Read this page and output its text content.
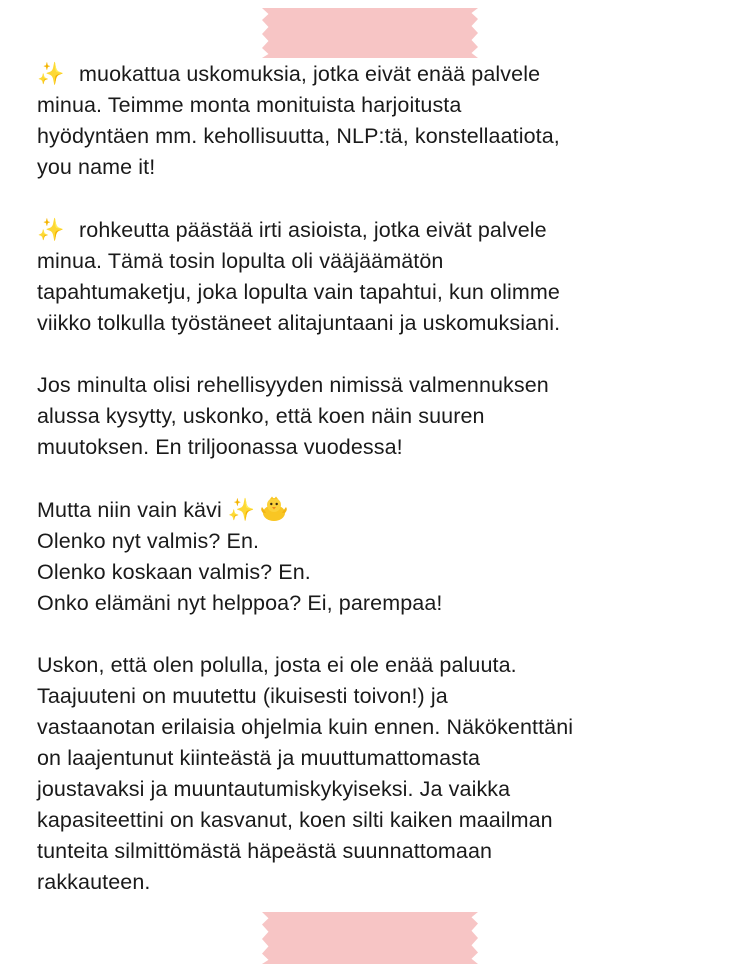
✨ muokattua uskomuksia, jotka eivät enää palvele
minua. Teimme monta monituista harjoitusta
hyödyntäen mm. kehollisuutta, NLP:tä, konstellaatiota,
you name it!
✨ rohkeutta päästää irti asioista, jotka eivät palvele
minua. Tämä tosin lopulta oli vääjäämätön
tapahtumaketju, joka lopulta vain tapahtui, kun olimme
viikko tolkulla työstäneet alitajuntaani ja uskomuksiani.
Jos minulta olisi rehellisyyden nimissä valmennuksen
alussa kysytty, uskonko, että koen näin suuren
muutoksen. En triljoonassa vuodessa!
Mutta niin vain kävi ✨
Olenko nyt valmis? En.
Olenko koskaan valmis? En.
Onko elämäni nyt helppoa? Ei, parempaa!
Uskon, että olen polulla, josta ei ole enää paluuta.
Taajuuteni on muutettu (ikuisesti toivon!) ja
vastaanotan erilaisia ohjelmia kuin ennen. Näkökenttäni
on laajentunut kiinteästä ja muuttumattomasta
joustavaksi ja muuntautumiskykyiseksi. Ja vaikka
kapasiteettini on kasvanut, koen silti kaiken maailman
tunteita silmittömästä häpeästä suunnattomaan
rakkauteen.
